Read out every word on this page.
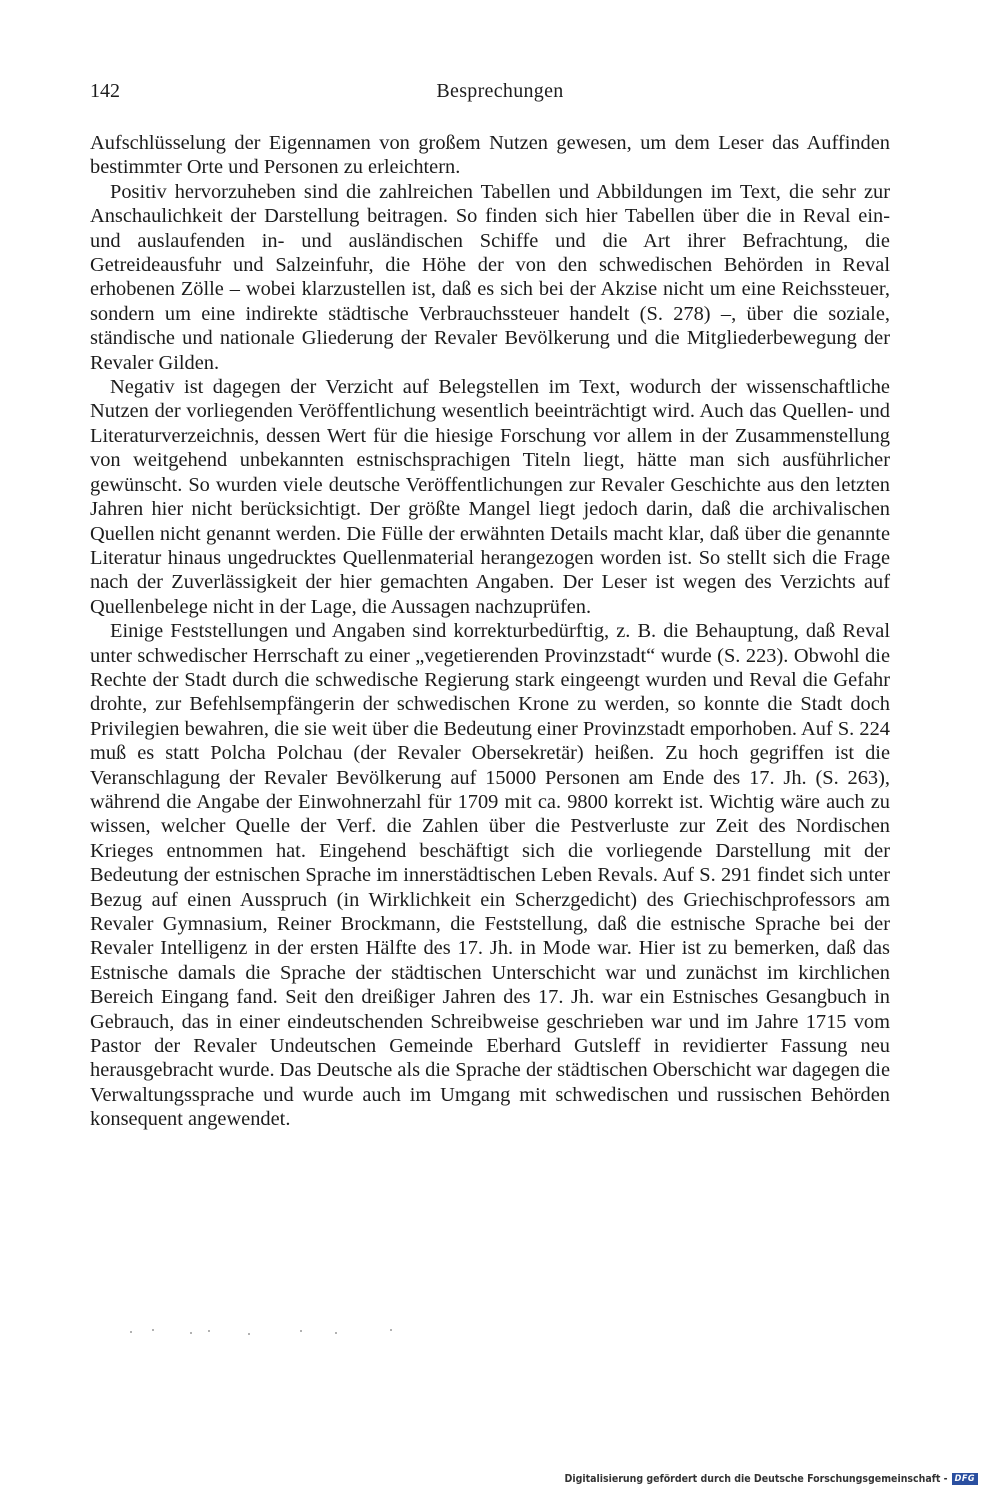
142	Besprechungen

Aufschlüsselung der Eigennamen von großem Nutzen gewesen, um dem Leser das Auffinden bestimmter Orte und Personen zu erleichtern.

Positiv hervorzuheben sind die zahlreichen Tabellen und Abbildungen im Text, die sehr zur Anschaulichkeit der Darstellung beitragen. So finden sich hier Tabellen über die in Reval ein- und auslaufenden in- und ausländischen Schiffe und die Art ihrer Befrachtung, die Getreideausfuhr und Salzeinfuhr, die Höhe der von den schwedischen Behörden in Reval erhobenen Zölle – wobei klarzustellen ist, daß es sich bei der Akzise nicht um eine Reichssteuer, sondern um eine indirekte städtische Verbrauchssteuer handelt (S. 278) –, über die soziale, ständische und nationale Gliederung der Revaler Bevölkerung und die Mitgliederbewegung der Revaler Gilden.

Negativ ist dagegen der Verzicht auf Belegstellen im Text, wodurch der wissenschaftliche Nutzen der vorliegenden Veröffentlichung wesentlich beeinträchtigt wird. Auch das Quellen- und Literaturverzeichnis, dessen Wert für die hiesige Forschung vor allem in der Zusammenstellung von weitgehend unbekannten estnischsprachigen Titeln liegt, hätte man sich ausführlicher gewünscht. So wurden viele deutsche Veröffentlichungen zur Revaler Geschichte aus den letzten Jahren hier nicht berücksichtigt. Der größte Mangel liegt jedoch darin, daß die archivalischen Quellen nicht genannt werden. Die Fülle der erwähnten Details macht klar, daß über die genannte Literatur hinaus ungedrucktes Quellenmaterial herangezogen worden ist. So stellt sich die Frage nach der Zuverlässigkeit der hier gemachten Angaben. Der Leser ist wegen des Verzichts auf Quellenbelege nicht in der Lage, die Aussagen nachzuprüfen.

Einige Feststellungen und Angaben sind korrekturbedürftig, z. B. die Behauptung, daß Reval unter schwedischer Herrschaft zu einer „vegetierenden Provinzstadt“ wurde (S. 223). Obwohl die Rechte der Stadt durch die schwedische Regierung stark eingeengt wurden und Reval die Gefahr drohte, zur Befehlsempfängerin der schwedischen Krone zu werden, so konnte die Stadt doch Privilegien bewahren, die sie weit über die Bedeutung einer Provinzstadt emporhoben. Auf S. 224 muß es statt Polcha Polchau (der Revaler Obersekretär) heißen. Zu hoch gegriffen ist die Veranschlagung der Revaler Bevölkerung auf 15000 Personen am Ende des 17. Jh. (S. 263), während die Angabe der Einwohnerzahl für 1709 mit ca. 9800 korrekt ist. Wichtig wäre auch zu wissen, welcher Quelle der Verf. die Zahlen über die Pestverluste zur Zeit des Nordischen Krieges entnommen hat. Eingehend beschäftigt sich die vorliegende Darstellung mit der Bedeutung der estnischen Sprache im innerstädtischen Leben Revals. Auf S. 291 findet sich unter Bezug auf einen Ausspruch (in Wirklichkeit ein Scherzgedicht) des Griechischprofessors am Revaler Gymnasium, Reiner Brockmann, die Feststellung, daß die estnische Sprache bei der Revaler Intelligenz in der ersten Hälfte des 17. Jh. in Mode war. Hier ist zu bemerken, daß das Estnische damals die Sprache der städtischen Unterschicht war und zunächst im kirchlichen Bereich Eingang fand. Seit den dreißiger Jahren des 17. Jh. war ein Estnisches Gesangbuch in Gebrauch, das in einer eindeutschenden Schreibweise geschrieben war und im Jahre 1715 vom Pastor der Revaler Undeutschen Gemeinde Eberhard Gutsleff in revidierter Fassung neu herausgebracht wurde. Das Deutsche als die Sprache der städtischen Oberschicht war dagegen die Verwaltungssprache und wurde auch im Umgang mit schwedischen und russischen Behörden konsequent angewendet.

Digitalisierung gefördert durch die Deutsche Forschungsgemeinschaft - DFG
